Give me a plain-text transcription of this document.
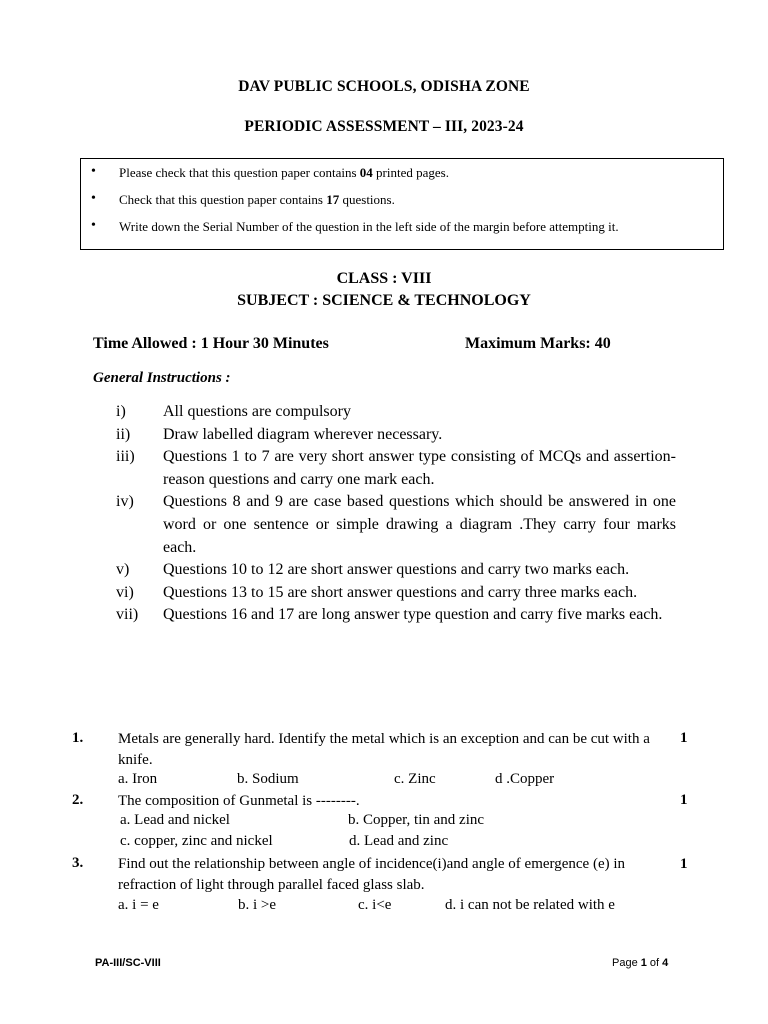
DAV PUBLIC SCHOOLS, ODISHA ZONE
PERIODIC ASSESSMENT – III, 2023-24
• Please check that this question paper contains 04 printed pages.
• Check that this question paper contains 17 questions.
• Write down the Serial Number of the question in the left side of the margin before attempting it.
CLASS : VIII
SUBJECT : SCIENCE & TECHNOLOGY
Time Allowed : 1 Hour 30 Minutes	Maximum Marks: 40
General Instructions :
i)	All questions are compulsory
ii)	Draw labelled diagram wherever necessary.
iii)	Questions 1 to 7 are very short answer type consisting of MCQs and assertion-reason questions and carry one mark each.
iv)	Questions 8 and 9 are case based questions which should be answered in one word or one sentence or simple drawing a diagram .They carry four marks each.
v)	Questions 10 to 12 are short answer questions and carry two marks each.
vi)	Questions 13 to 15 are short answer questions and carry three marks each.
vii)	Questions 16 and 17 are long answer type question and carry five marks each.
1. Metals are generally hard. Identify the metal which is an exception and can be cut with a knife.
1
a. Iron	b. Sodium	c. Zinc	d .Copper
2. The composition of Gunmetal is --------.	1
a. Lead and nickel	b. Copper, tin and zinc
c. copper, zinc and nickel	d. Lead and zinc
3. Find out the relationship between angle of incidence(i)and angle of emergence (e) in refraction of light through parallel faced glass slab.
1
a. i = e	b. i >e	c. i<e	d. i can not be related with e
PA-III/SC-VIII	Page 1 of 4
